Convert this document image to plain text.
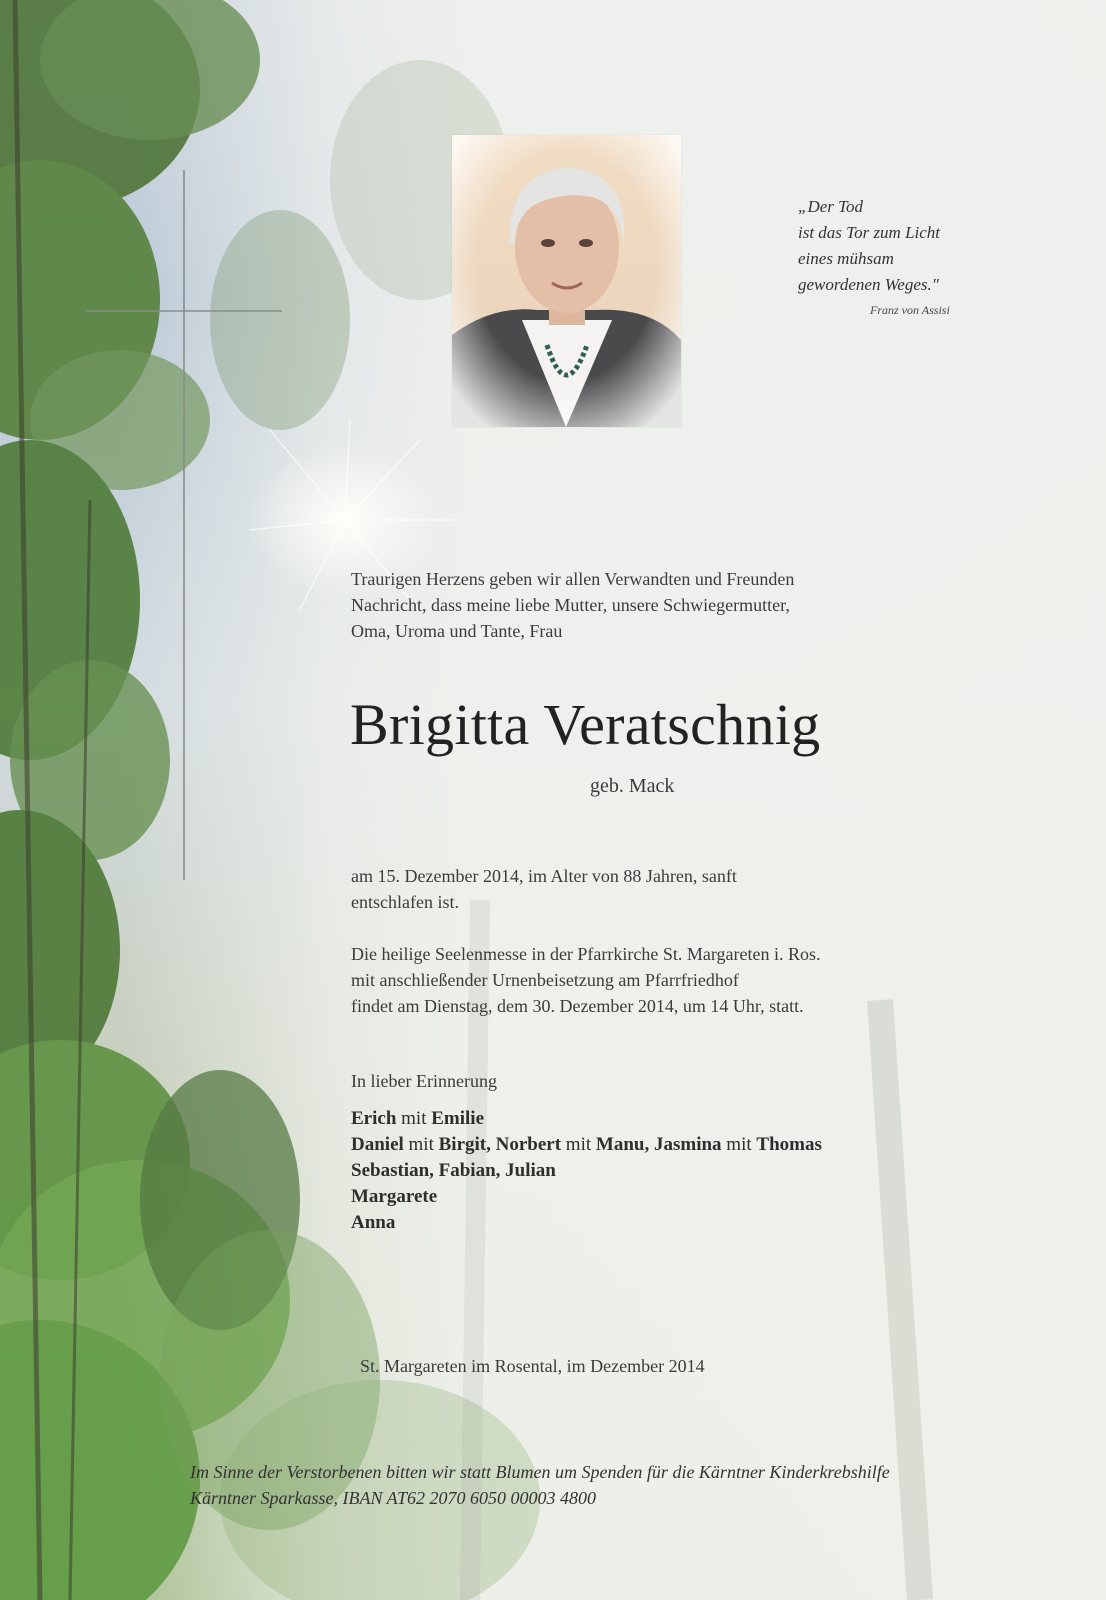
„Der Tod
ist das Tor zum Licht
eines mühsam
gewordenen Weges."
Franz von Assisi
Traurigen Herzens geben wir allen Verwandten und Freunden
Nachricht, dass meine liebe Mutter, unsere Schwiegermutter,
Oma, Uroma und Tante, Frau
Brigitta Veratschnig
geb. Mack
am 15. Dezember 2014, im Alter von 88 Jahren, sanft
entschlafen ist.
Die heilige Seelenmesse in der Pfarrkirche St. Margareten i. Ros.
mit anschließender Urnenbeisetzung am Pfarrfriedhof
findet am Dienstag, dem 30. Dezember 2014, um 14 Uhr, statt.
In lieber Erinnerung
Erich mit Emilie
Daniel mit Birgit, Norbert mit Manu, Jasmina mit Thomas
Sebastian, Fabian, Julian
Margarete
Anna
St. Margareten im Rosental, im Dezember 2014
Im Sinne der Verstorbenen bitten wir statt Blumen um Spenden für die Kärntner Kinderkrebshilfe
Kärntner Sparkasse, IBAN AT62 2070 6050 00003 4800
